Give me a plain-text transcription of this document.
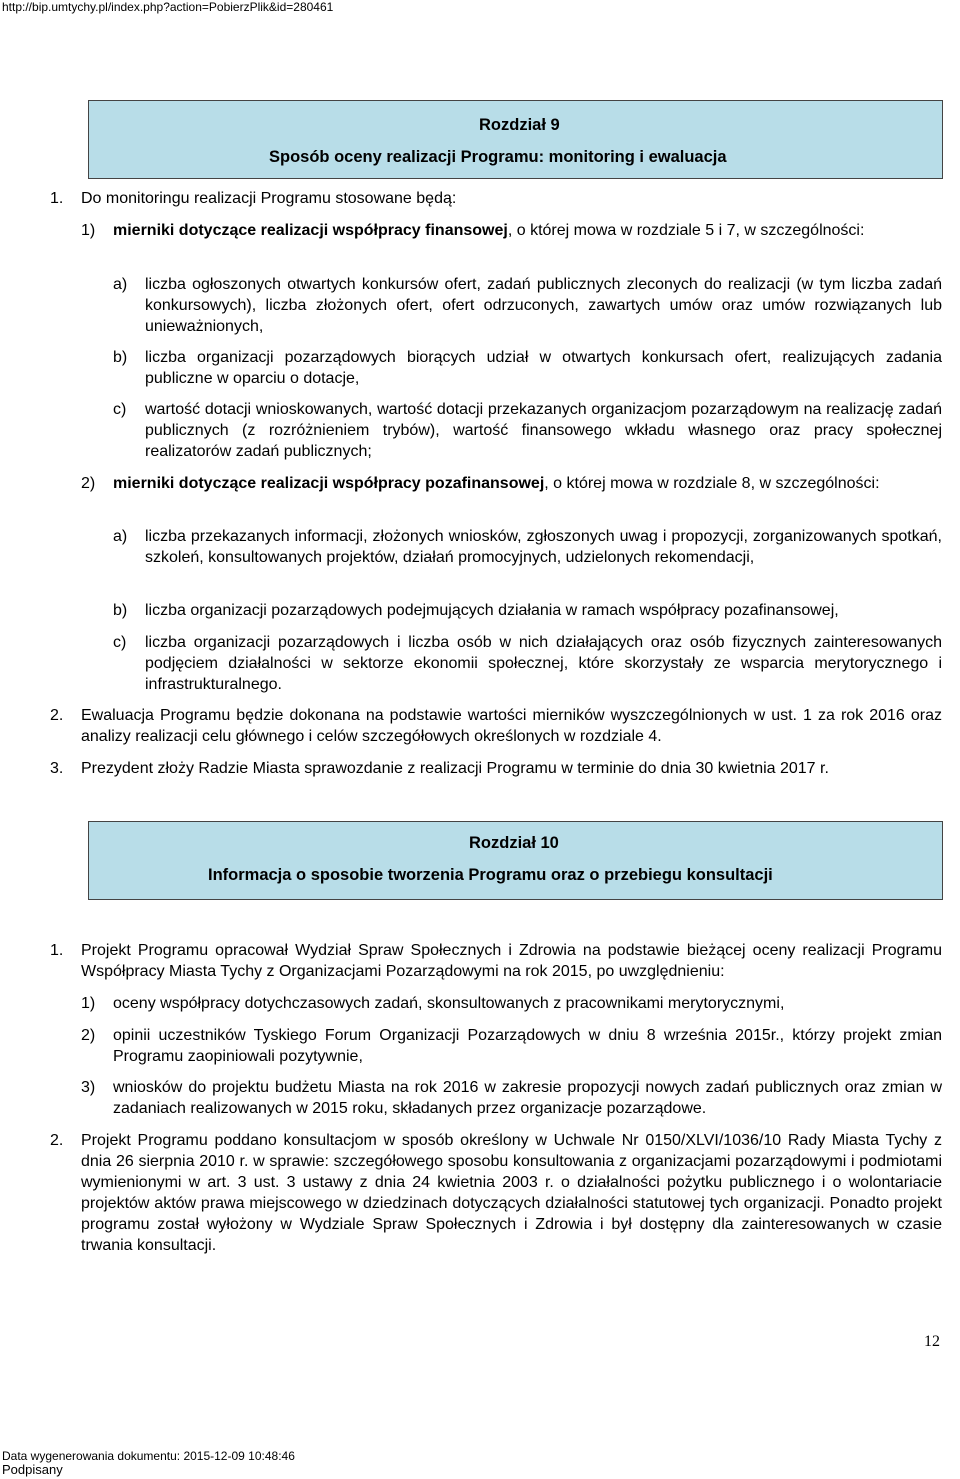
http://bip.umtychy.pl/index.php?action=PobierzPlik&id=280461
Rozdział 9
Sposób oceny realizacji Programu: monitoring i ewaluacja
1. Do monitoringu realizacji Programu stosowane będą:
1) mierniki dotyczące realizacji współpracy finansowej, o której mowa w rozdziale 5 i 7, w szczególności:
a) liczba ogłoszonych otwartych konkursów ofert, zadań publicznych zleconych do realizacji (w tym liczba zadań konkursowych), liczba złożonych ofert, ofert odrzuconych, zawartych umów oraz umów rozwiązanych lub unieważnionych,
b) liczba organizacji pozarządowych biorących udział w otwartych konkursach ofert, realizujących zadania publiczne w oparciu o dotacje,
c) wartość dotacji wnioskowanych, wartość dotacji przekazanych organizacjom pozarządowym na realizację zadań publicznych (z rozróżnieniem trybów), wartość finansowego wkładu własnego oraz pracy społecznej realizatorów zadań publicznych;
2) mierniki dotyczące realizacji współpracy pozafinansowej, o której mowa w rozdziale 8, w szczególności:
a) liczba przekazanych informacji, złożonych wniosków, zgłoszonych uwag i propozycji, zorganizowanych spotkań, szkoleń, konsultowanych projektów, działań promocyjnych, udzielonych rekomendacji,
b) liczba organizacji pozarządowych podejmujących działania w ramach współpracy pozafinansowej,
c) liczba organizacji pozarządowych i liczba osób w nich działających oraz osób fizycznych zainteresowanych podjęciem działalności w sektorze ekonomii społecznej, które skorzystały ze wsparcia merytorycznego i infrastrukturalnego.
2. Ewaluacja Programu będzie dokonana na podstawie wartości mierników wyszczególnionych w ust. 1 za rok 2016 oraz analizy realizacji celu głównego i celów szczegółowych określonych w rozdziale 4.
3. Prezydent złoży Radzie Miasta sprawozdanie z realizacji Programu w terminie do dnia 30 kwietnia 2017 r.
Rozdział 10
Informacja o sposobie tworzenia Programu oraz o przebiegu konsultacji
1. Projekt Programu opracował Wydział Spraw Społecznych i Zdrowia na podstawie bieżącej oceny realizacji Programu Współpracy Miasta Tychy z Organizacjami Pozarządowymi na rok 2015, po uwzględnieniu:
1) oceny współpracy dotychczasowych zadań, skonsultowanych z pracownikami merytorycznymi,
2) opinii uczestników Tyskiego Forum Organizacji Pozarządowych w dniu 8 września 2015r., którzy projekt zmian Programu zaopiniowali pozytywnie,
3) wniosków do projektu budżetu Miasta na rok 2016 w zakresie propozycji nowych zadań publicznych oraz zmian w zadaniach realizowanych w 2015 roku, składanych przez organizacje pozarządowe.
2. Projekt Programu poddano konsultacjom w sposób określony w Uchwale Nr 0150/XLVI/1036/10 Rady Miasta Tychy z dnia 26 sierpnia 2010 r. w sprawie: szczegółowego sposobu konsultowania z organizacjami pozarządowymi i podmiotami wymienionymi w art. 3 ust. 3 ustawy z dnia 24 kwietnia 2003 r. o działalności pożytku publicznego i o wolontariacie projektów aktów prawa miejscowego w dziedzinach dotyczących działalności statutowej tych organizacji. Ponadto projekt programu został wyłożony w Wydziale Spraw Społecznych i Zdrowia i był dostępny dla zainteresowanych w czasie trwania konsultacji.
12
Data wygenerowania dokumentu: 2015-12-09 10:48:46
Podpisany
